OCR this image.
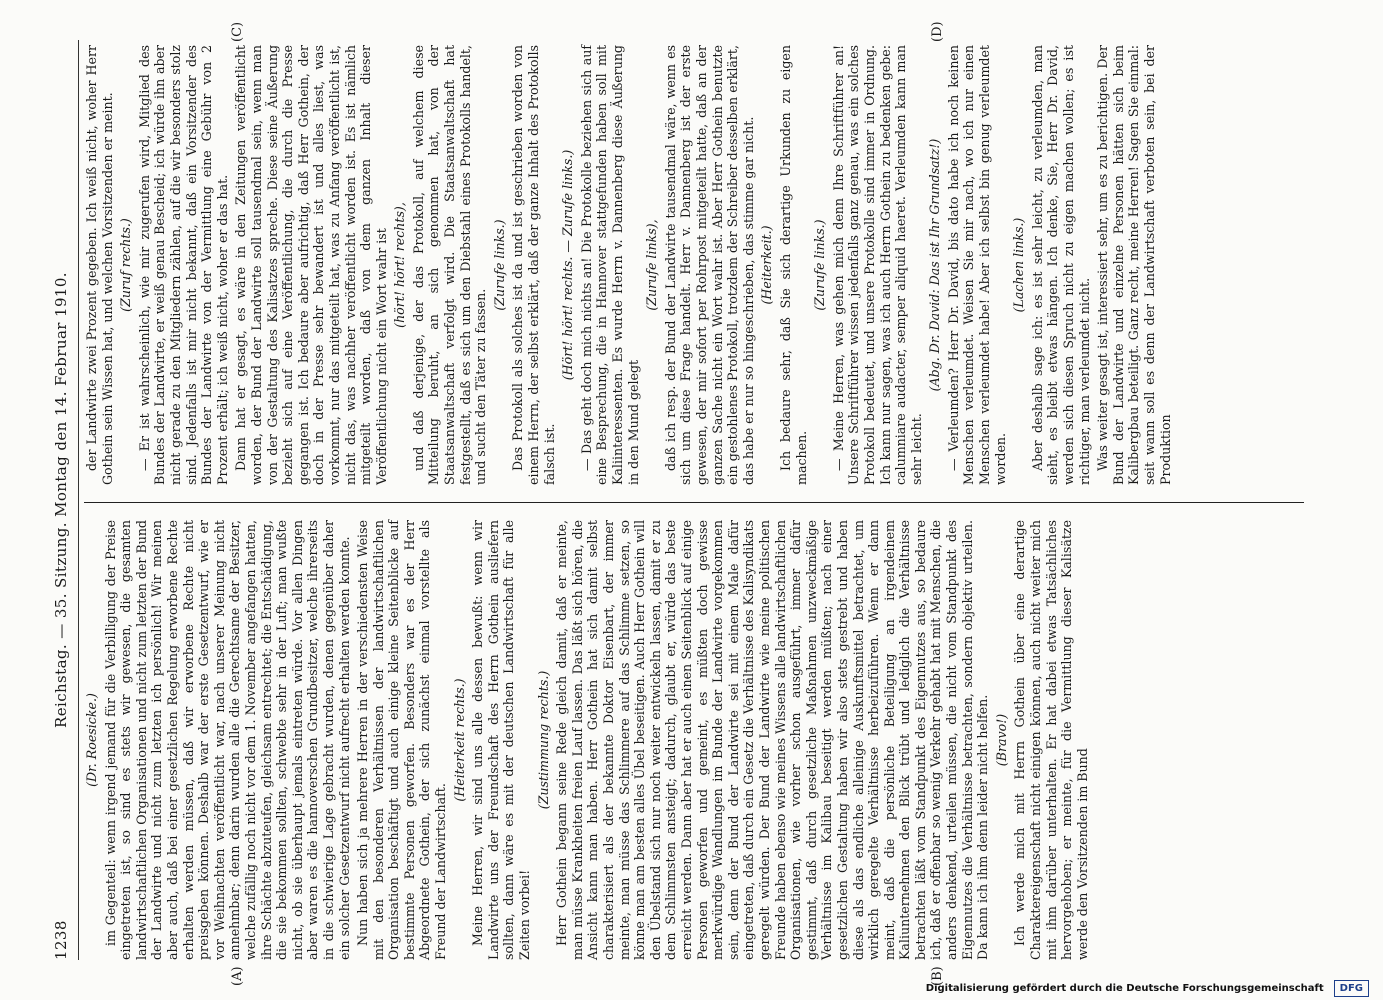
1238
Reichstag. — 35. Sitzung. Montag den 14. Februar 1910.
(A)	(B)
(C)	(D)

(Dr. Roesicke.) im Gegenteil: wenn irgend jemand für die Verbilligung der Preise eingetreten ist, so sind es stets wir gewesen, die gesamten landwirtschaftlichen Organisationen und nicht zum letzten der Bund der Landwirte und nicht zum letzten ich persönlich! Wir meinen aber auch, daß bei einer gesetzlichen Regelung erworbene Rechte erhalten werden müssen, daß wir erworbene Rechte nicht preisgeben können. Deshalb war der erste Gesetzentwurf, wie er vor Weihnachten veröffentlicht war, nach unserer Meinung nicht annehmbar; denn darin wurden alle die Gerechtsame der Besitzer, welche zufällig noch nicht vor dem 1. November angefangen hatten, ihre Schächte abzuteufen, gleichsam entrechtet; die Entschädigung, die sie bekommen sollten, schwebte sehr in der Luft; man wußte nicht, ob sie überhaupt jemals eintreten würde. Vor allen Dingen aber waren es die hannoverschen Grundbesitzer, welche ihrerseits in die schwierige Lage gebracht wurden, denen gegenüber daher ein solcher Gesetzentwurf nicht aufrecht erhalten werden konnte. Nun haben sich ja mehrere Herren in der verschiedensten Weise mit den besonderen Verhältnissen der landwirtschaftlichen Organisation beschäftigt und auch einige kleine Seitenblicke auf bestimmte Personen geworfen. Besonders war es der Herr Abgeordnete Gothein, der sich zunächst einmal vorstellte als Freund der Landwirtschaft.

(Heiterkeit rechts.) Meine Herren, wir sind uns alle dessen bewußt: wenn wir Landwirte uns der Freundschaft des Herrn Gothein ausliefern sollten, dann wäre es mit der deutschen Landwirtschaft für alle Zeiten vorbei!

(Zustimmung rechts.) Herr Gothein begann seine Rede gleich damit, daß er meinte, man müsse Krankheiten freien Lauf lassen. Das läßt sich hören, die Ansicht kann man haben. Herr Gothein hat sich damit selbst charakterisiert als der bekannte Doktor Eisenbart, der immer meinte, man müsse das Schlimmere auf das Schlimme setzen, so könne man am besten alles Übel beseitigen. Auch Herr Gothein will den Übelstand sich nur noch weiter entwickeln lassen, damit er zu dem Schlimmsten ansteigt; dadurch, glaubt er, würde das beste erreicht werden. Dann aber hat er auch einen Seitenblick auf einige Personen geworfen und gemeint, es müßten doch gewisse merkwürdige Wandlungen im Bunde der Landwirte vorgekommen sein, denn der Bund der Landwirte sei mit einem Male dafür eingetreten, daß durch ein Gesetz die Verhältnisse des Kalisyndikats geregelt würden. Der Bund der Landwirte wie meine politischen Freunde haben ebenso wie meines Wissens alle landwirtschaftlichen Organisationen, wie vorher schon ausgeführt, immer dafür gestimmt, daß durch gesetzliche Maßnahmen unzweckmäßige Verhältnisse im Kalibau beseitigt werden müßten; nach einer gesetzlichen Gestaltung haben wir also stets gestrebt und haben diese als das endliche alleinige Auskunftsmittel betrachtet, um wirklich geregelte Verhältnisse herbeizuführen. Wenn er dann meint, daß die persönliche Beteiligung an irgendeinem Kaliunternehmen den Blick trübt und lediglich die Verhältnisse betrachten läßt vom Standpunkt des Eigennutzes aus, so bedaure ich, daß er offenbar so wenig Verkehr gehabt hat mit Menschen, die anders denkend, urteilen müssen, die nicht vom Standpunkt des Eigennutzes die Verhältnisse betrachten, sondern objektiv urteilen. Da kann ich ihm denn leider nicht helfen. (Bravo!) Ich werde mich mit Herrn Gothein über eine derartige Charaktereigenschaft nicht einigen können, auch nicht weiter mich mit ihm darüber unterhalten. Er hat dabei etwas Tatsächliches hervorgehoben; er meinte, für die Vermittlung dieser Kalisätze werde den Vorsitzenden im Bund

der Landwirte zwei Prozent gegeben. Ich weiß nicht, woher Herr Gothein sein Wissen hat, und welchen Vorsitzenden er meint. (Zuruf rechts.) — Er ist wahrscheinlich, wie mir zugerufen wird, Mitglied des Bundes der Landwirte, er weiß genau Bescheid; ich würde ihn aber nicht gerade zu den Mitgliedern zählen, auf die wir besonders stolz sind. Jedenfalls ist mir nicht bekannt, daß ein Vorsitzender des Bundes der Landwirte von der Vermittlung eine Gebühr von 2 Prozent erhält; ich weiß nicht, woher er das hat. Dann hat er gesagt, es wäre in den Zeitungen veröffentlicht worden, der Bund der Landwirte soll tausendmal sein, wenn man von der Gestaltung des Kalisatzes spreche. Diese seine Äußerung bezieht sich auf eine Veröffentlichung, die durch die Presse gegangen ist. Ich bedaure aber aufrichtig, daß Herr Gothein, der doch in der Presse sehr bewandert ist und alles liest, was vorkommt, nur das mitgeteilt hat, was zu Anfang veröffentlicht ist, nicht das, was nachher veröffentlicht worden ist. Es ist nämlich mitgeteilt worden, daß von dem ganzen Inhalt dieser Veröffentlichung nicht ein Wort wahr ist (hört! hört! rechts), und daß derjenige, der das Protokoll, auf welchem diese Mitteilung beruht, an sich genommen hat, von der Staatsanwaltschaft verfolgt wird. Die Staatsanwaltschaft hat festgestellt, daß es sich um den Diebstahl eines Protokolls handelt, und sucht den Täter zu fassen.

(Zurufe links.) Das Protokoll als solches ist da und ist geschrieben worden von einem Herrn, der selbst erklärt, daß der ganze Inhalt des Protokolls falsch ist.

(Hört! hört! rechts. — Zurufe links.) — Das geht doch mich nichts an! Die Protokolle beziehen sich auf eine Besprechung, die in Hannover stattgefunden haben soll mit Kaliinteressenten. Es wurde Herrn v. Dannenberg diese Äußerung in den Mund gelegt

(Zurufe links), daß ich resp. der Bund der Landwirte tausendmal wäre, wenn es sich um diese Frage handelt. Herr v. Dannenberg ist der erste gewesen, der mir sofort per Rohrpost mitgeteilt hatte, daß an der ganzen Sache nicht ein Wort wahr ist. Aber Herr Gothein benutzte ein gestohlenes Protokoll, trotzdem der Schreiber desselben erklärt, das habe er nur so hingeschrieben, das stimme gar nicht. (Heiterkeit.) Ich bedaure sehr, daß Sie sich derartige Urkunden zu eigen machen.

(Zurufe links.) — Meine Herren, was gehen mich denn Ihre Schriftführer an! Unsere Schriftführer wissen jedenfalls ganz genau, was ein solches Protokoll bedeutet, und unsere Protokolle sind immer in Ordnung. Ich kann nur sagen, was ich auch Herrn Gothein zu bedenken gebe: calumniare audacter, semper aliquid haeret. Verleumden kann man sehr leicht.

(Abg. Dr. David: Das ist Ihr Grundsatz!) — Verleumden? Herr Dr. David, bis dato habe ich noch keinen Menschen verleumdet. Weisen Sie mir nach, wo ich nur einen Menschen verleumdet habe! Aber ich selbst bin genug verleumdet worden.

(Lachen links.) Aber deshalb sage ich: es ist sehr leicht, zu verleumden, man sieht, es bleibt etwas hängen. Ich denke, Sie, Herr Dr. David, werden sich diesen Spruch nicht zu eigen machen wollen; es ist richtiger, man verleumdet nicht. Was weiter gesagt ist, interessiert sehr, um es zu berichtigen. Der Bund der Landwirte und einzelne Personen hätten sich beim Kalibergbau beteiligt. Ganz recht, meine Herren! Sagen Sie einmal: seit wann soll es denn der Landwirtschaft verboten sein, bei der Produktion

Digitalisierung gefördert durch die Deutsche Forschungsgemeinschaft	DFG
